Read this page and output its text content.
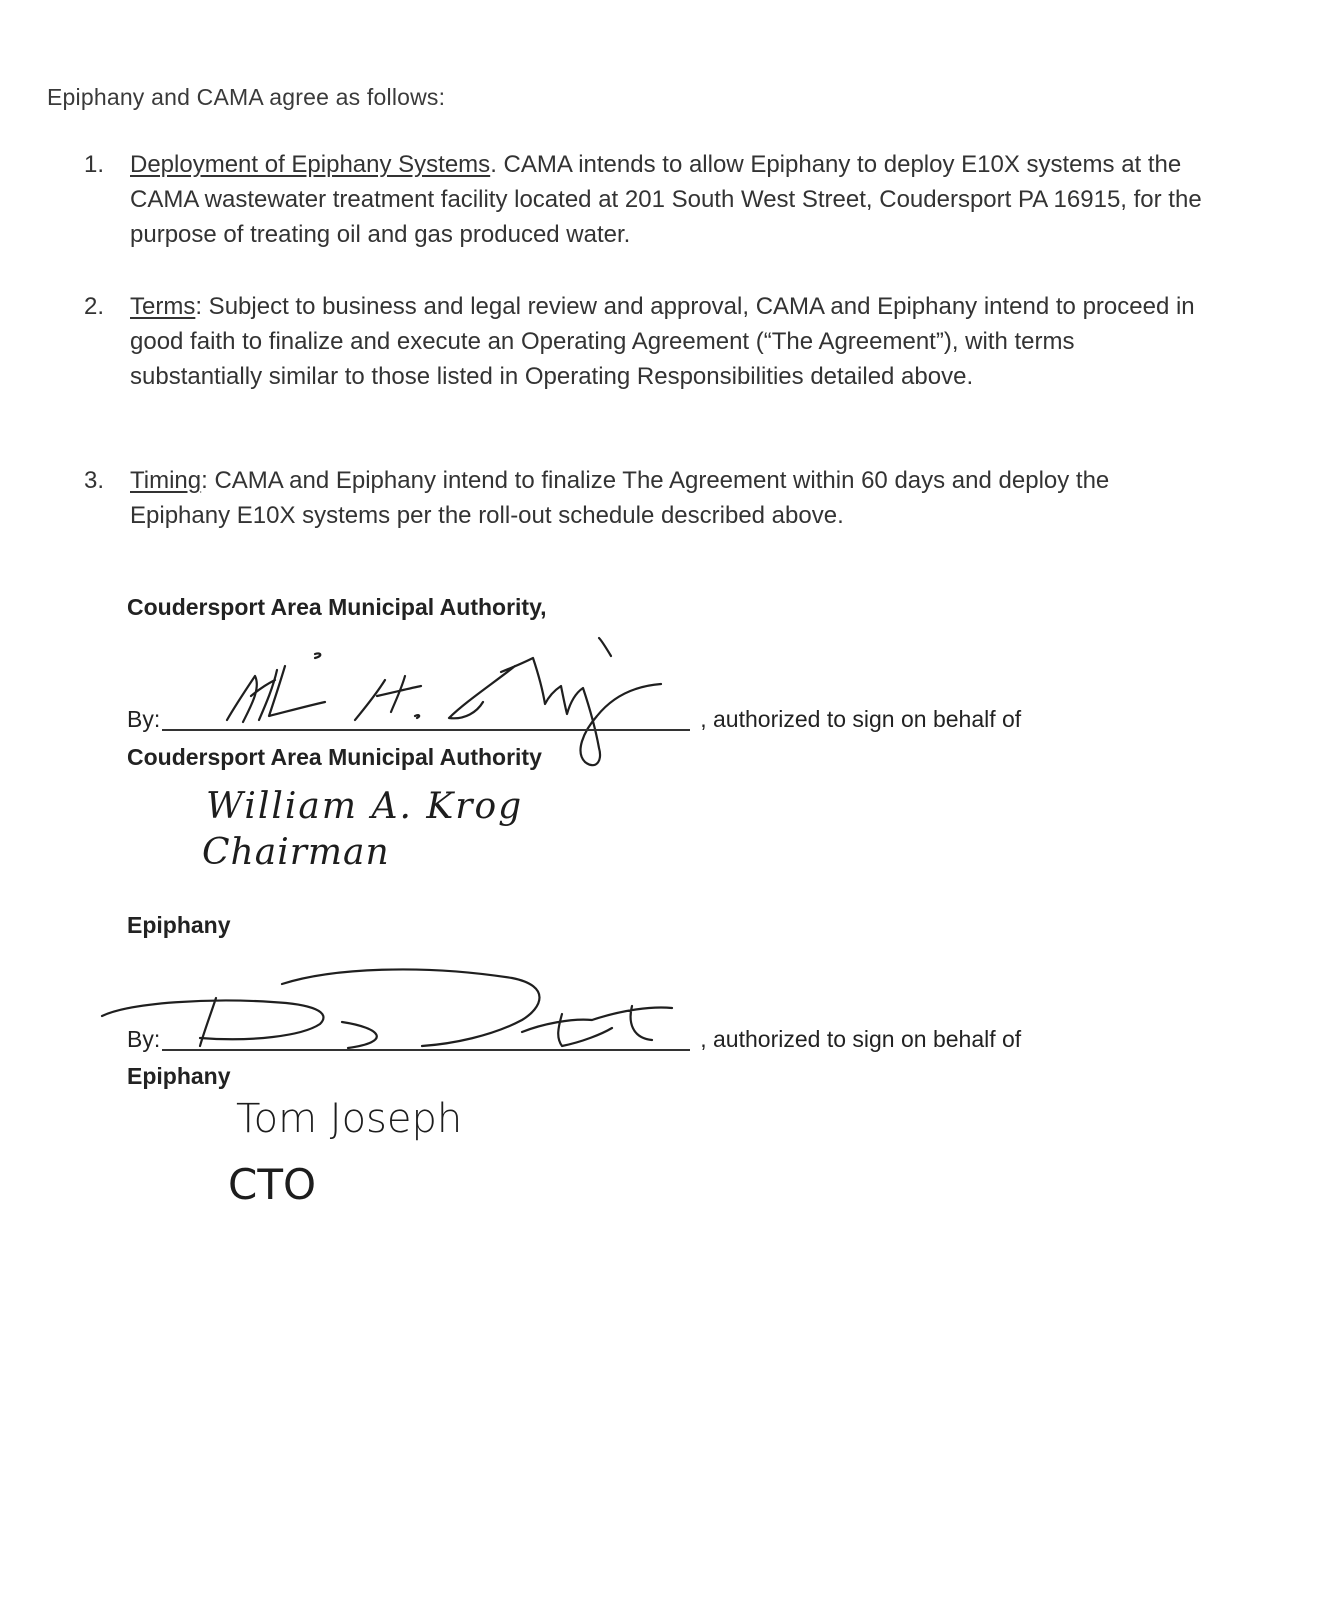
Epiphany and CAMA agree as follows:
1. Deployment of Epiphany Systems. CAMA intends to allow Epiphany to deploy E10X systems at the CAMA wastewater treatment facility located at 201 South West Street, Coudersport PA 16915, for the purpose of treating oil and gas produced water.
2. Terms: Subject to business and legal review and approval, CAMA and Epiphany intend to proceed in good faith to finalize and execute an Operating Agreement (“The Agreement”), with terms substantially similar to those listed in Operating Responsibilities detailed above.
3. Timing: CAMA and Epiphany intend to finalize The Agreement within 60 days and deploy the Epiphany E10X systems per the roll-out schedule described above.
Coudersport Area Municipal Authority,
By:	, authorized to sign on behalf of
Coudersport Area Municipal Authority
William A. Krog
Chairman
Epiphany
By:	, authorized to sign on behalf of
Epiphany
Tom Joseph
CTO
